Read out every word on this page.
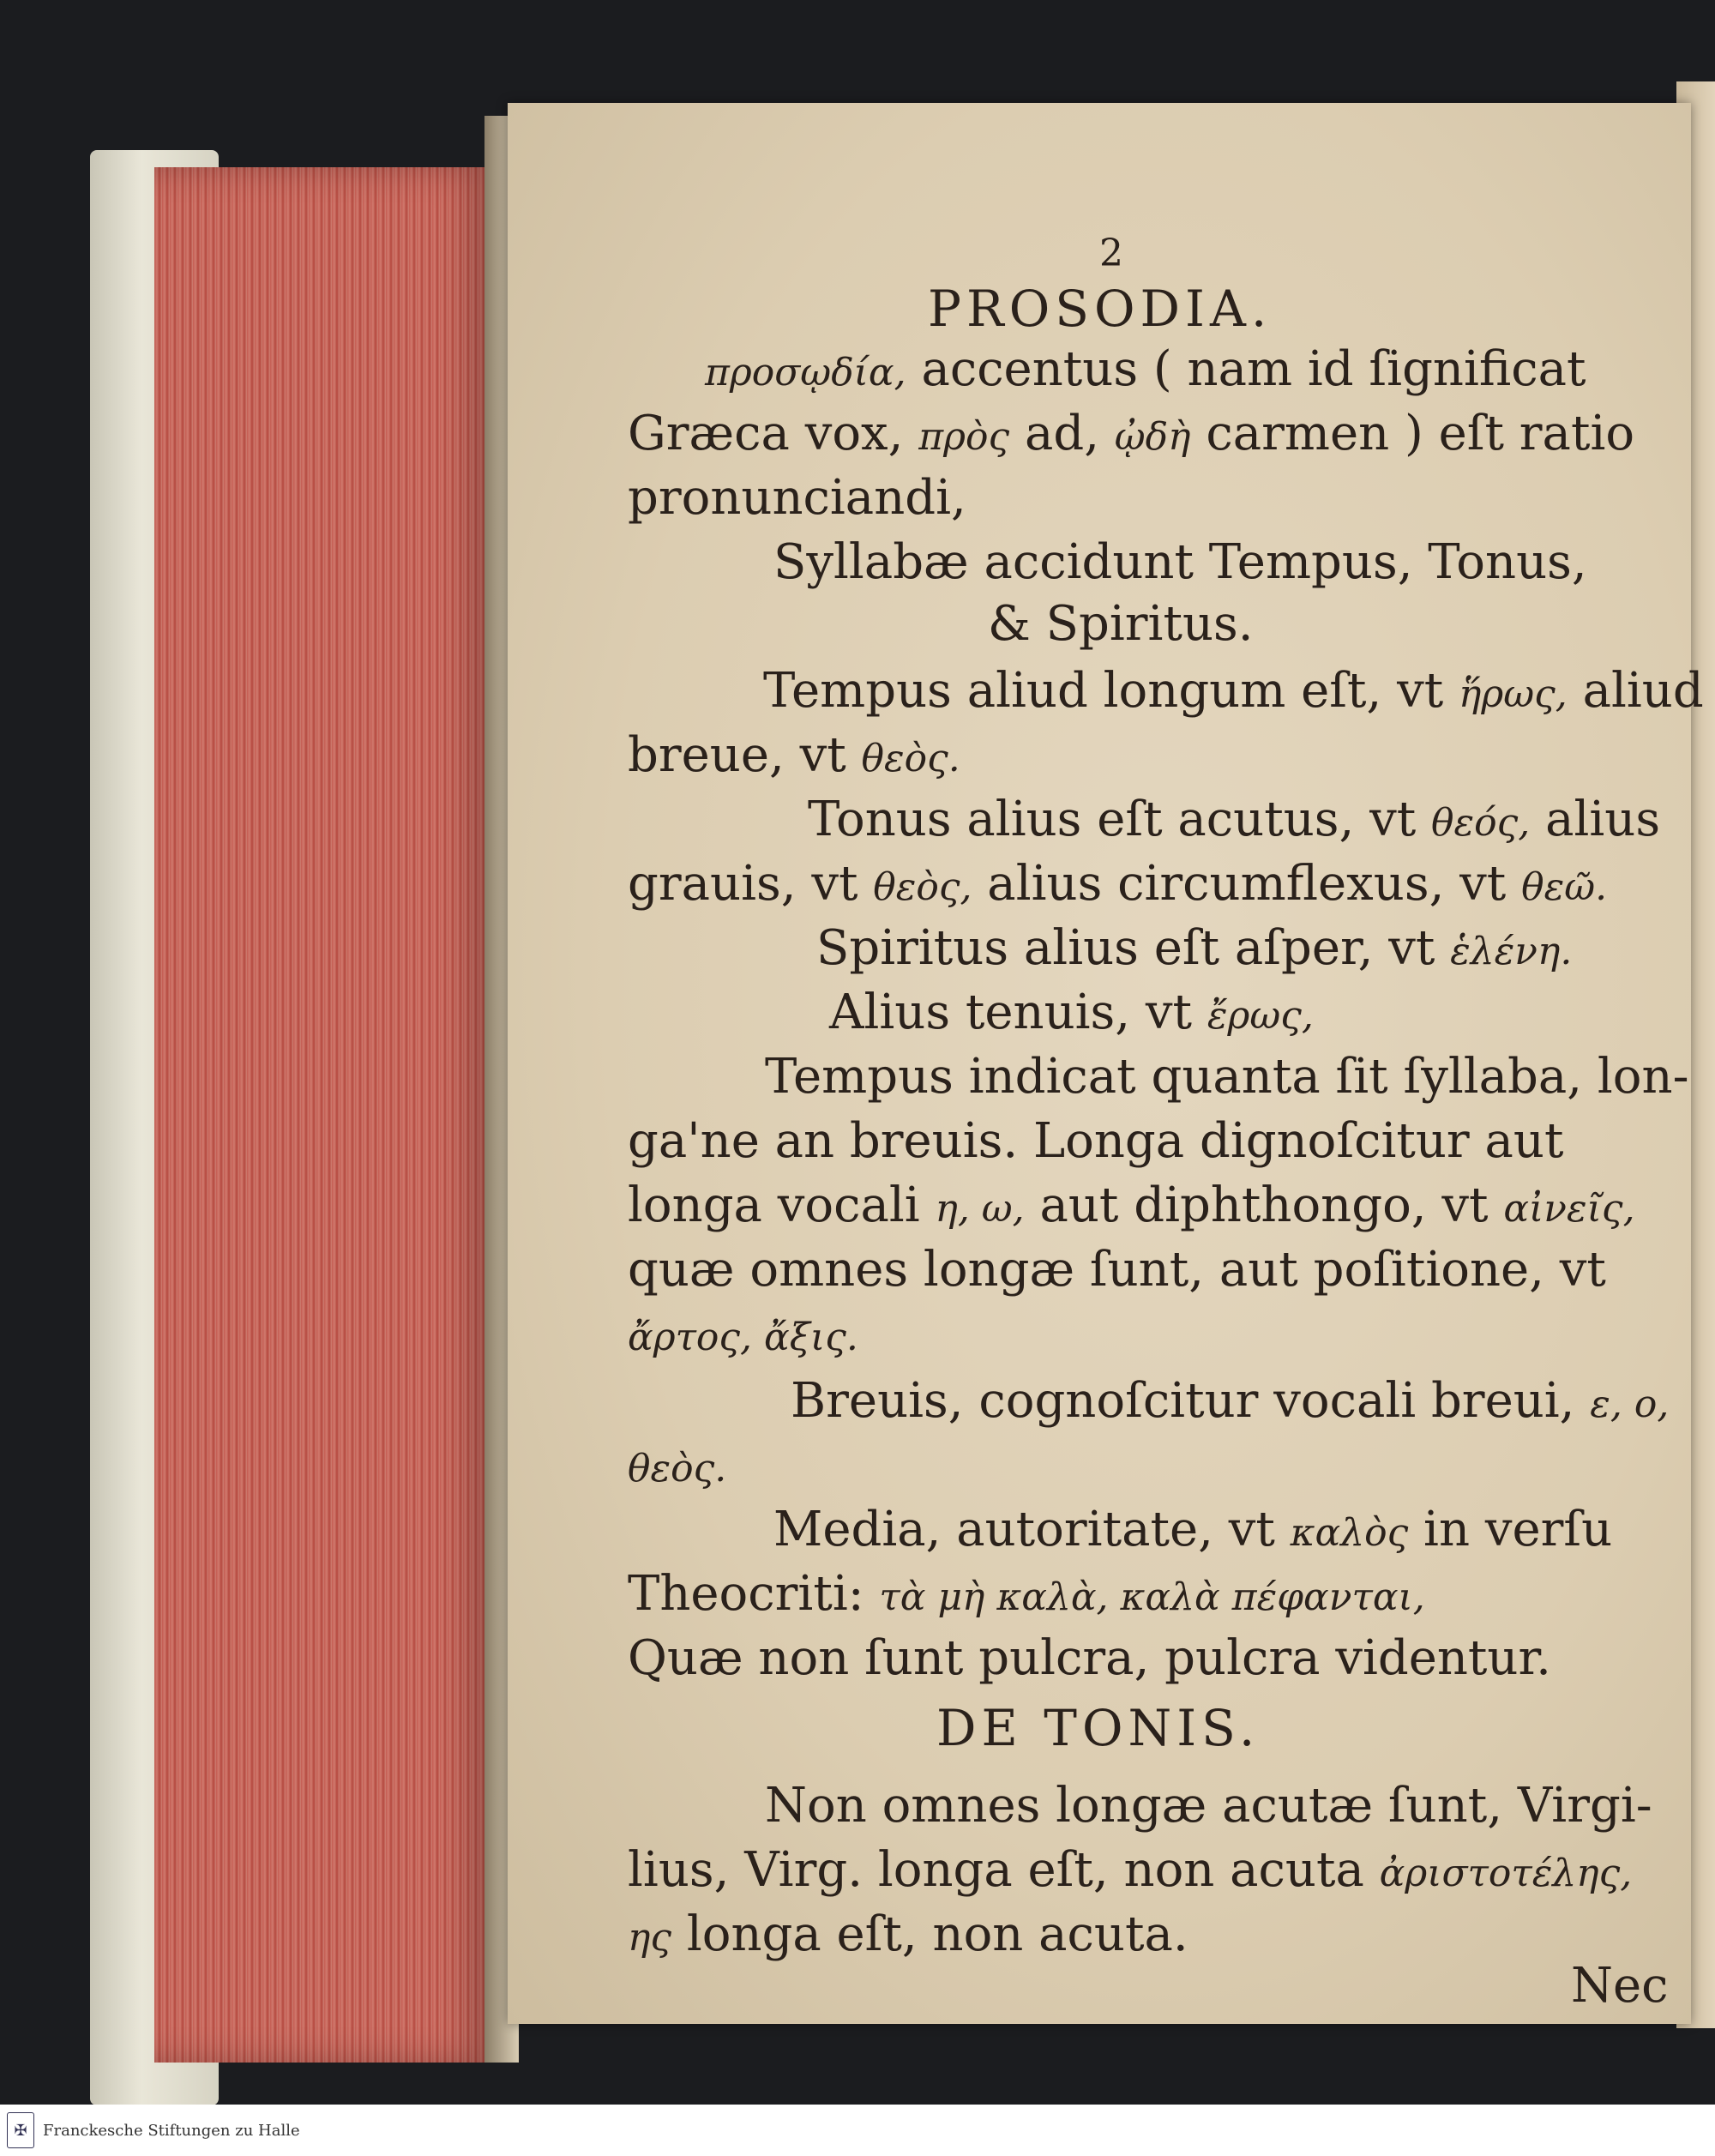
2
PROSODIA.
προσῳδία, accentus ( nam id ſignificat
Græca vox, πρὸς ad, ᾠδὴ carmen ) eſt ratio
pronunciandi,
Syllabæ accidunt Tempus, Tonus,
& Spiritus.
Tempus aliud longum eſt, vt ἥρως, aliud
breue, vt θεὸς.
Tonus alius eſt acutus, vt θεός, alius
grauis, vt θεὸς, alius circumflexus, vt θεῶ.
Spiritus alius eſt aſper, vt ἑλένη.
Alius tenuis, vt ἔρως,
Tempus indicat quanta ſit ſyllaba, lon-
ga'ne an breuis. Longa dignoſcitur aut
longa vocali η, ω, aut diphthongo, vt αἰνεῖς,
quæ omnes longæ ſunt, aut poſitione, vt
ἄρτος, ἄξις.
Breuis, cognoſcitur vocali breui, ε, ο,
θεὸς.
Media, autoritate, vt καλὸς in verſu
Theocriti: τὰ μὴ καλὰ, καλὰ πέφανται,
Quæ non ſunt pulcra, pulcra videntur.
DE TONIS.
Non omnes longæ acutæ ſunt, Virgi-
lius, Virg. longa eſt, non acuta ἀριστοτέλης,
ης longa eſt, non acuta.
Nec
✠	Franckesche Stiftungen zu Halle
